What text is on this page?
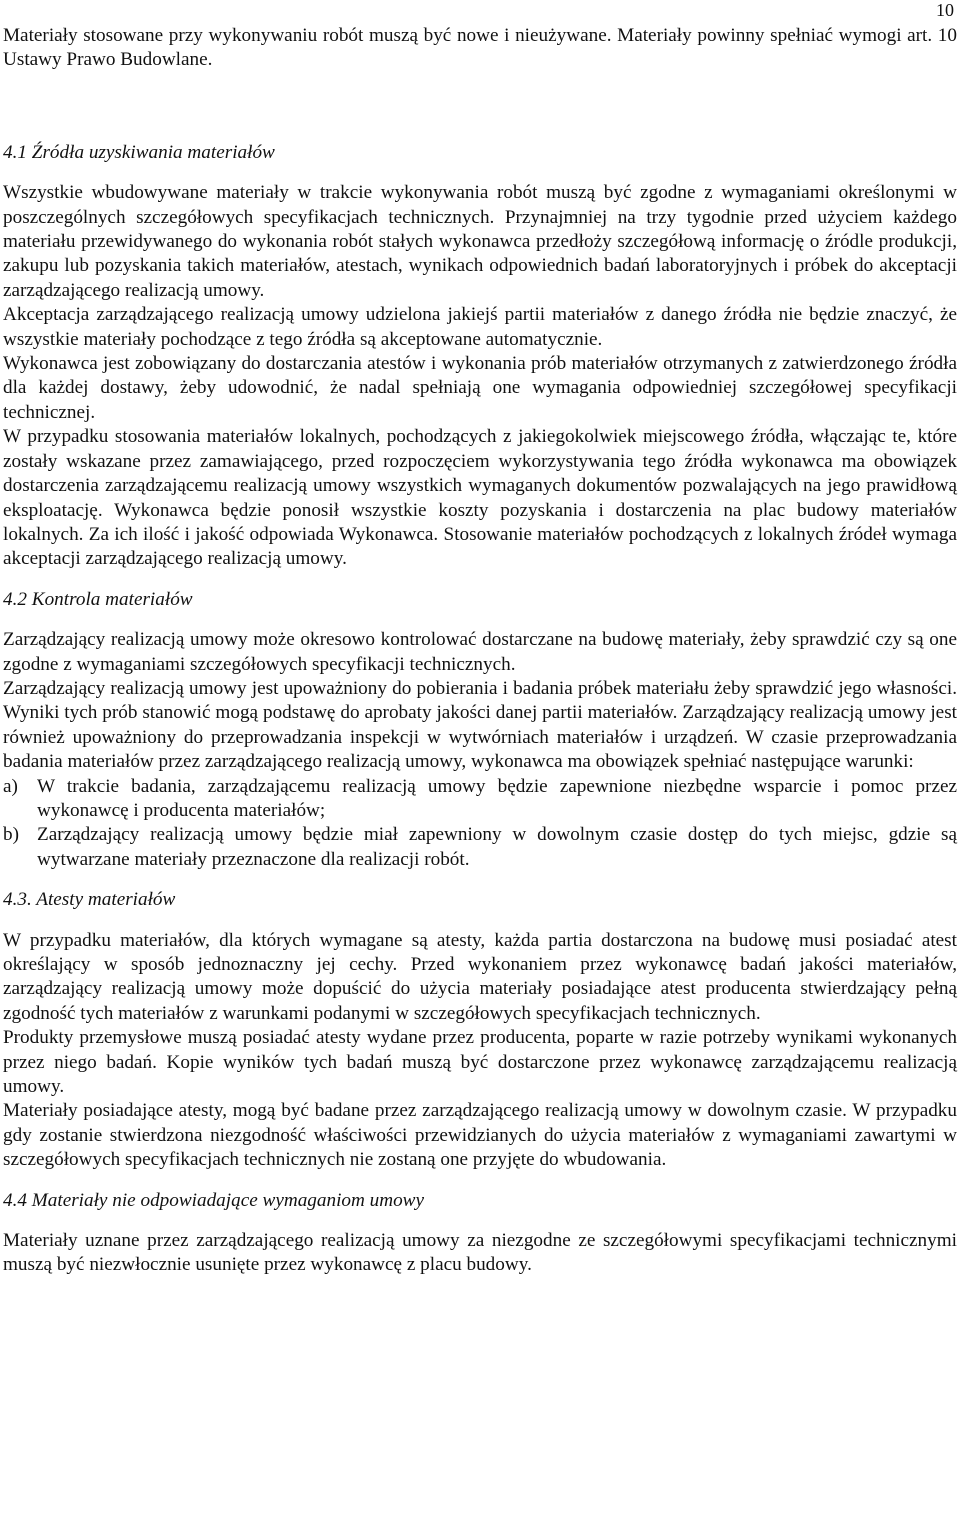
10

Materiały stosowane przy wykonywaniu robót muszą być nowe i nieużywane. Materiały powinny spełniać wymogi art. 10 Ustawy Prawo Budowlane.

4.1 Źródła uzyskiwania materiałów

Wszystkie wbudowywane materiały w trakcie wykonywania robót muszą być zgodne z wymaganiami określonymi w poszczególnych szczegółowych specyfikacjach technicznych. Przynajmniej na trzy tygodnie przed użyciem każdego materiału przewidywanego do wykonania robót stałych wykonawca przedłoży szczegółową informację o źródle produkcji, zakupu lub pozyskania takich materiałów, atestach, wynikach odpowiednich badań laboratoryjnych i próbek do akceptacji zarządzającego realizacją umowy.

Akceptacja zarządzającego realizacją umowy udzielona jakiejś partii materiałów z danego źródła nie będzie znaczyć, że wszystkie materiały pochodzące z tego źródła są akceptowane automatycznie.

Wykonawca jest zobowiązany do dostarczania atestów i wykonania prób materiałów otrzymanych z zatwierdzonego źródła dla każdej dostawy, żeby udowodnić, że nadal spełniają one wymagania odpowiedniej szczegółowej specyfikacji technicznej.

W przypadku stosowania materiałów lokalnych, pochodzących z jakiegokolwiek miejscowego źródła, włączając te, które zostały wskazane przez zamawiającego, przed rozpoczęciem wykorzystywania tego źródła wykonawca ma obowiązek dostarczenia zarządzającemu realizacją umowy wszystkich wymaganych dokumentów pozwalających na jego prawidłową eksploatację. Wykonawca będzie ponosił wszystkie koszty pozyskania i dostarczenia na plac budowy materiałów lokalnych. Za ich ilość i jakość odpowiada Wykonawca. Stosowanie materiałów pochodzących z lokalnych źródeł wymaga akceptacji zarządzającego realizacją umowy.

4.2 Kontrola materiałów

Zarządzający realizacją umowy może okresowo kontrolować dostarczane na budowę materiały, żeby sprawdzić czy są one zgodne z wymaganiami szczegółowych specyfikacji technicznych.

Zarządzający realizacją umowy jest upoważniony do pobierania i badania próbek materiału żeby sprawdzić jego własności. Wyniki tych prób stanowić mogą podstawę do aprobaty jakości danej partii materiałów. Zarządzający realizacją umowy jest również upoważniony do przeprowadzania inspekcji w wytwórniach materiałów i urządzeń. W czasie przeprowadzania badania materiałów przez zarządzającego realizacją umowy, wykonawca ma obowiązek spełniać następujące warunki:

a) W trakcie badania, zarządzającemu realizacją umowy będzie zapewnione niezbędne wsparcie i pomoc przez wykonawcę i producenta materiałów;

b) Zarządzający realizacją umowy będzie miał zapewniony w dowolnym czasie dostęp do tych miejsc, gdzie są wytwarzane materiały przeznaczone dla realizacji robót.

4.3. Atesty materiałów

W przypadku materiałów, dla których wymagane są atesty, każda partia dostarczona na budowę musi posiadać atest określający w sposób jednoznaczny jej cechy. Przed wykonaniem przez wykonawcę badań jakości materiałów, zarządzający realizacją umowy może dopuścić do użycia materiały posiadające atest producenta stwierdzający pełną zgodność tych materiałów z warunkami podanymi w szczegółowych specyfikacjach technicznych.

Produkty przemysłowe muszą posiadać atesty wydane przez producenta, poparte w razie potrzeby wynikami wykonanych przez niego badań. Kopie wyników tych badań muszą być dostarczone przez wykonawcę zarządzającemu realizacją umowy.

Materiały posiadające atesty, mogą być badane przez zarządzającego realizacją umowy w dowolnym czasie. W przypadku gdy zostanie stwierdzona niezgodność właściwości przewidzianych do użycia materiałów z wymaganiami zawartymi w szczegółowych specyfikacjach technicznych nie zostaną one przyjęte do wbudowania.

4.4 Materiały nie odpowiadające wymaganiom umowy

Materiały uznane przez zarządzającego realizacją umowy za niezgodne ze szczegółowymi specyfikacjami technicznymi muszą być niezwłocznie usunięte przez wykonawcę z placu budowy.
